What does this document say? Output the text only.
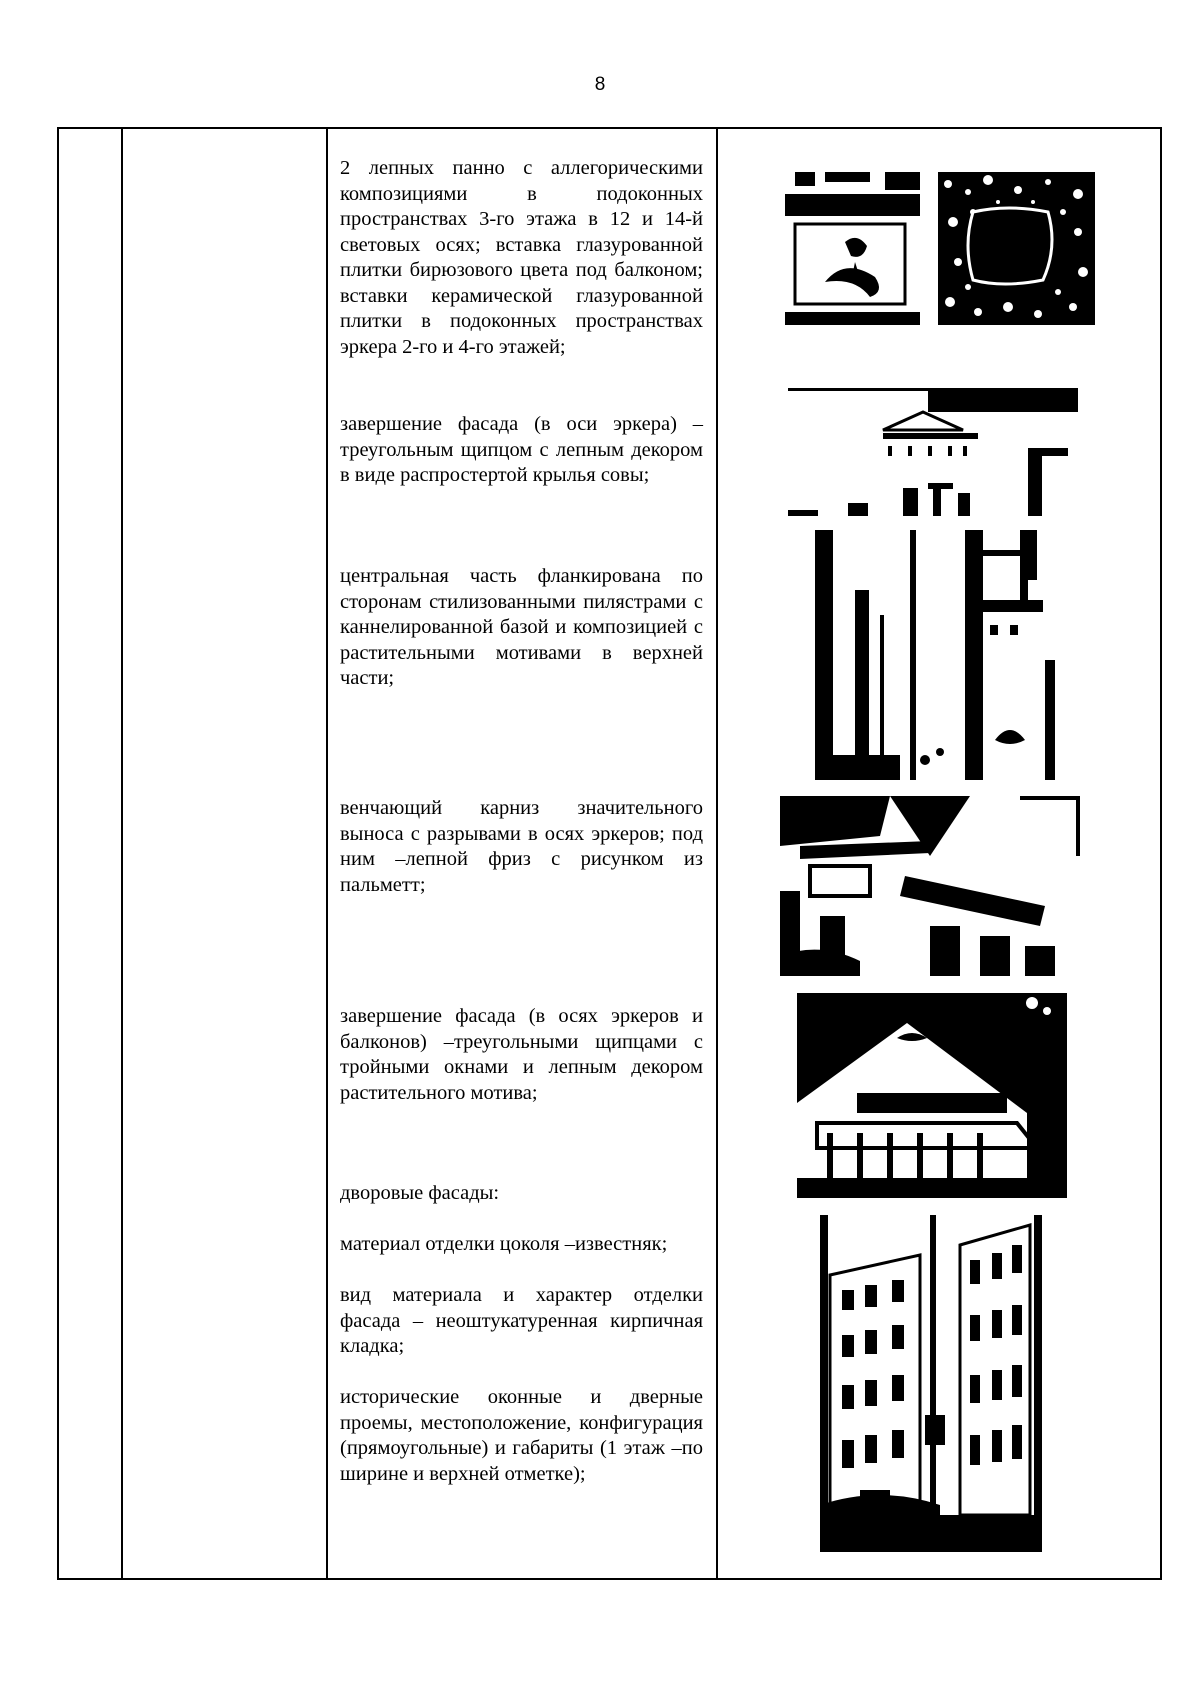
8
2 лепных панно с аллегорическими композициями в подоконных пространствах 3-го этажа в 12 и 14-й световых осях; вставка глазурованной плитки бирюзового цвета под балконом; вставки керамической глазурованной плитки в подоконных пространствах эркера 2-го и 4-го этажей;
завершение фасада (в оси эркера) – треугольным щипцом с лепным декором в виде распростертой крылья совы;
центральная часть фланкирована по сторонам стилизованными пилястрами с каннелированной базой и композицией с растительными мотивами в верхней части;
венчающий карниз значительного выноса с разрывами в осях эркеров; под ним –лепной фриз с рисунком из пальметт;
завершение фасада (в осях эркеров и балконов) –треугольными щипцами с тройными окнами и лепным декором растительного мотива;
дворовые фасады:
материал отделки цоколя –известняк;
вид материала и характер отделки фасада – неоштукатуренная кирпичная кладка;
исторические оконные и дверные проемы, местоположение, конфигурация (прямоугольные) и габариты (1 этаж –по ширине и верхней отметке);
